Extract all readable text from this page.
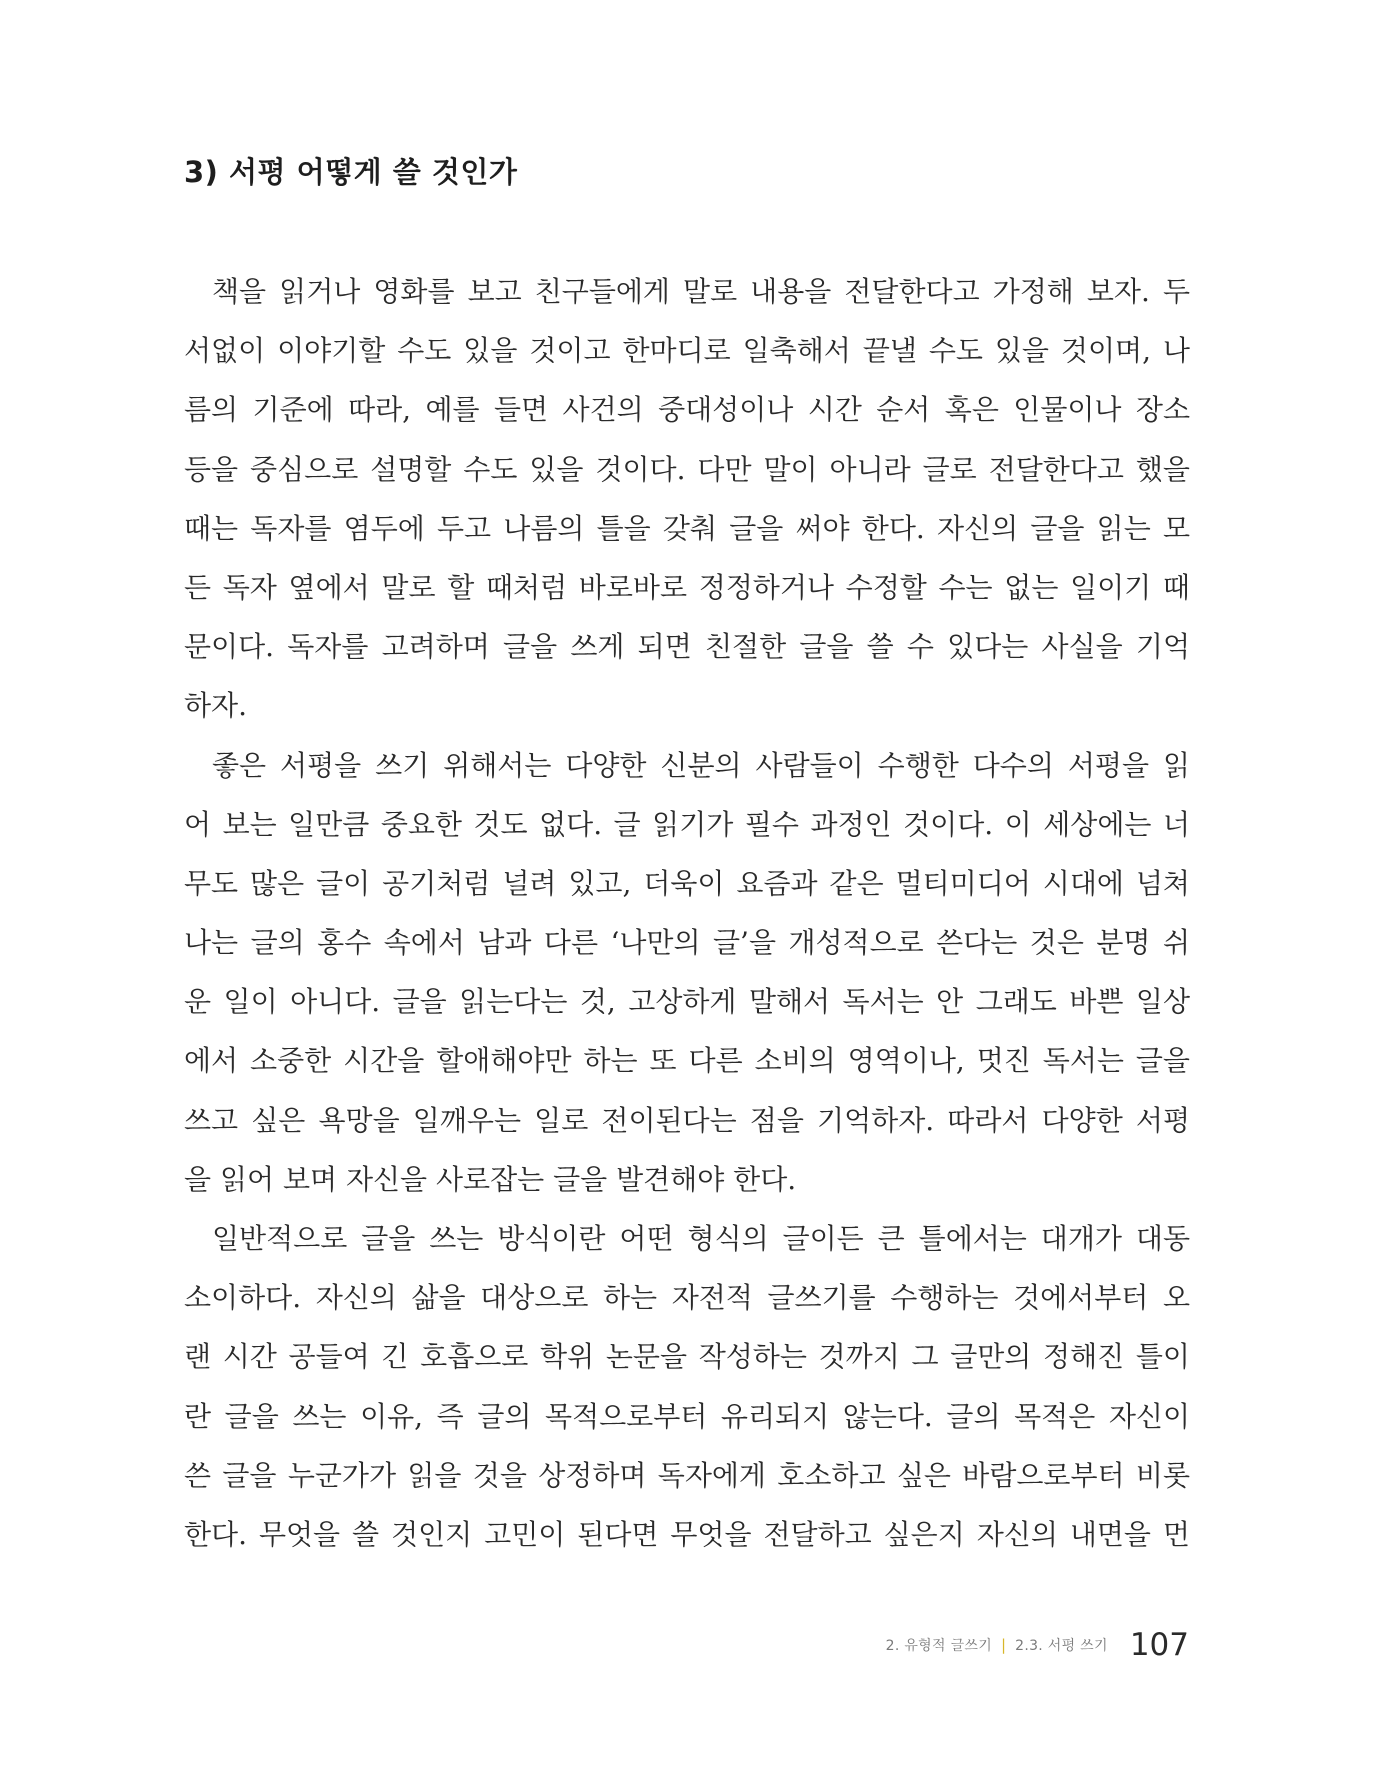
3) 서평 어떻게 쓸 것인가
책을 읽거나 영화를 보고 친구들에게 말로 내용을 전달한다고 가정해 보자. 두
서없이 이야기할 수도 있을 것이고 한마디로 일축해서 끝낼 수도 있을 것이며, 나
름의 기준에 따라, 예를 들면 사건의 중대성이나 시간 순서 혹은 인물이나 장소
등을 중심으로 설명할 수도 있을 것이다. 다만 말이 아니라 글로 전달한다고 했을
때는 독자를 염두에 두고 나름의 틀을 갖춰 글을 써야 한다. 자신의 글을 읽는 모
든 독자 옆에서 말로 할 때처럼 바로바로 정정하거나 수정할 수는 없는 일이기 때
문이다. 독자를 고려하며 글을 쓰게 되면 친절한 글을 쓸 수 있다는 사실을 기억
하자.
좋은 서평을 쓰기 위해서는 다양한 신분의 사람들이 수행한 다수의 서평을 읽
어 보는 일만큼 중요한 것도 없다. 글 읽기가 필수 과정인 것이다. 이 세상에는 너
무도 많은 글이 공기처럼 널려 있고, 더욱이 요즘과 같은 멀티미디어 시대에 넘쳐
나는 글의 홍수 속에서 남과 다른 ‘나만의 글’을 개성적으로 쓴다는 것은 분명 쉬
운 일이 아니다. 글을 읽는다는 것, 고상하게 말해서 독서는 안 그래도 바쁜 일상
에서 소중한 시간을 할애해야만 하는 또 다른 소비의 영역이나, 멋진 독서는 글을
쓰고 싶은 욕망을 일깨우는 일로 전이된다는 점을 기억하자. 따라서 다양한 서평
을 읽어 보며 자신을 사로잡는 글을 발견해야 한다.
일반적으로 글을 쓰는 방식이란 어떤 형식의 글이든 큰 틀에서는 대개가 대동
소이하다. 자신의 삶을 대상으로 하는 자전적 글쓰기를 수행하는 것에서부터 오
랜 시간 공들여 긴 호흡으로 학위 논문을 작성하는 것까지 그 글만의 정해진 틀이
란 글을 쓰는 이유, 즉 글의 목적으로부터 유리되지 않는다. 글의 목적은 자신이
쓴 글을 누군가가 읽을 것을 상정하며 독자에게 호소하고 싶은 바람으로부터 비롯
한다. 무엇을 쓸 것인지 고민이 된다면 무엇을 전달하고 싶은지 자신의 내면을 먼
2. 유형적 글쓰기 | 2.3. 서평 쓰기 107
